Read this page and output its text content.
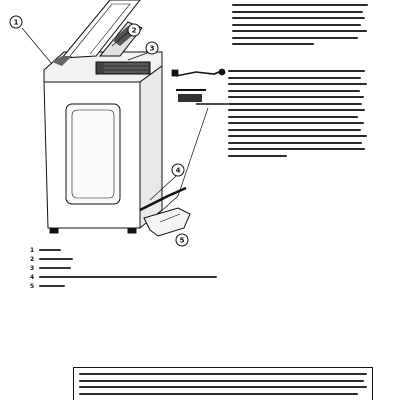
1
2
3
4
5
1
2
3
4
5
